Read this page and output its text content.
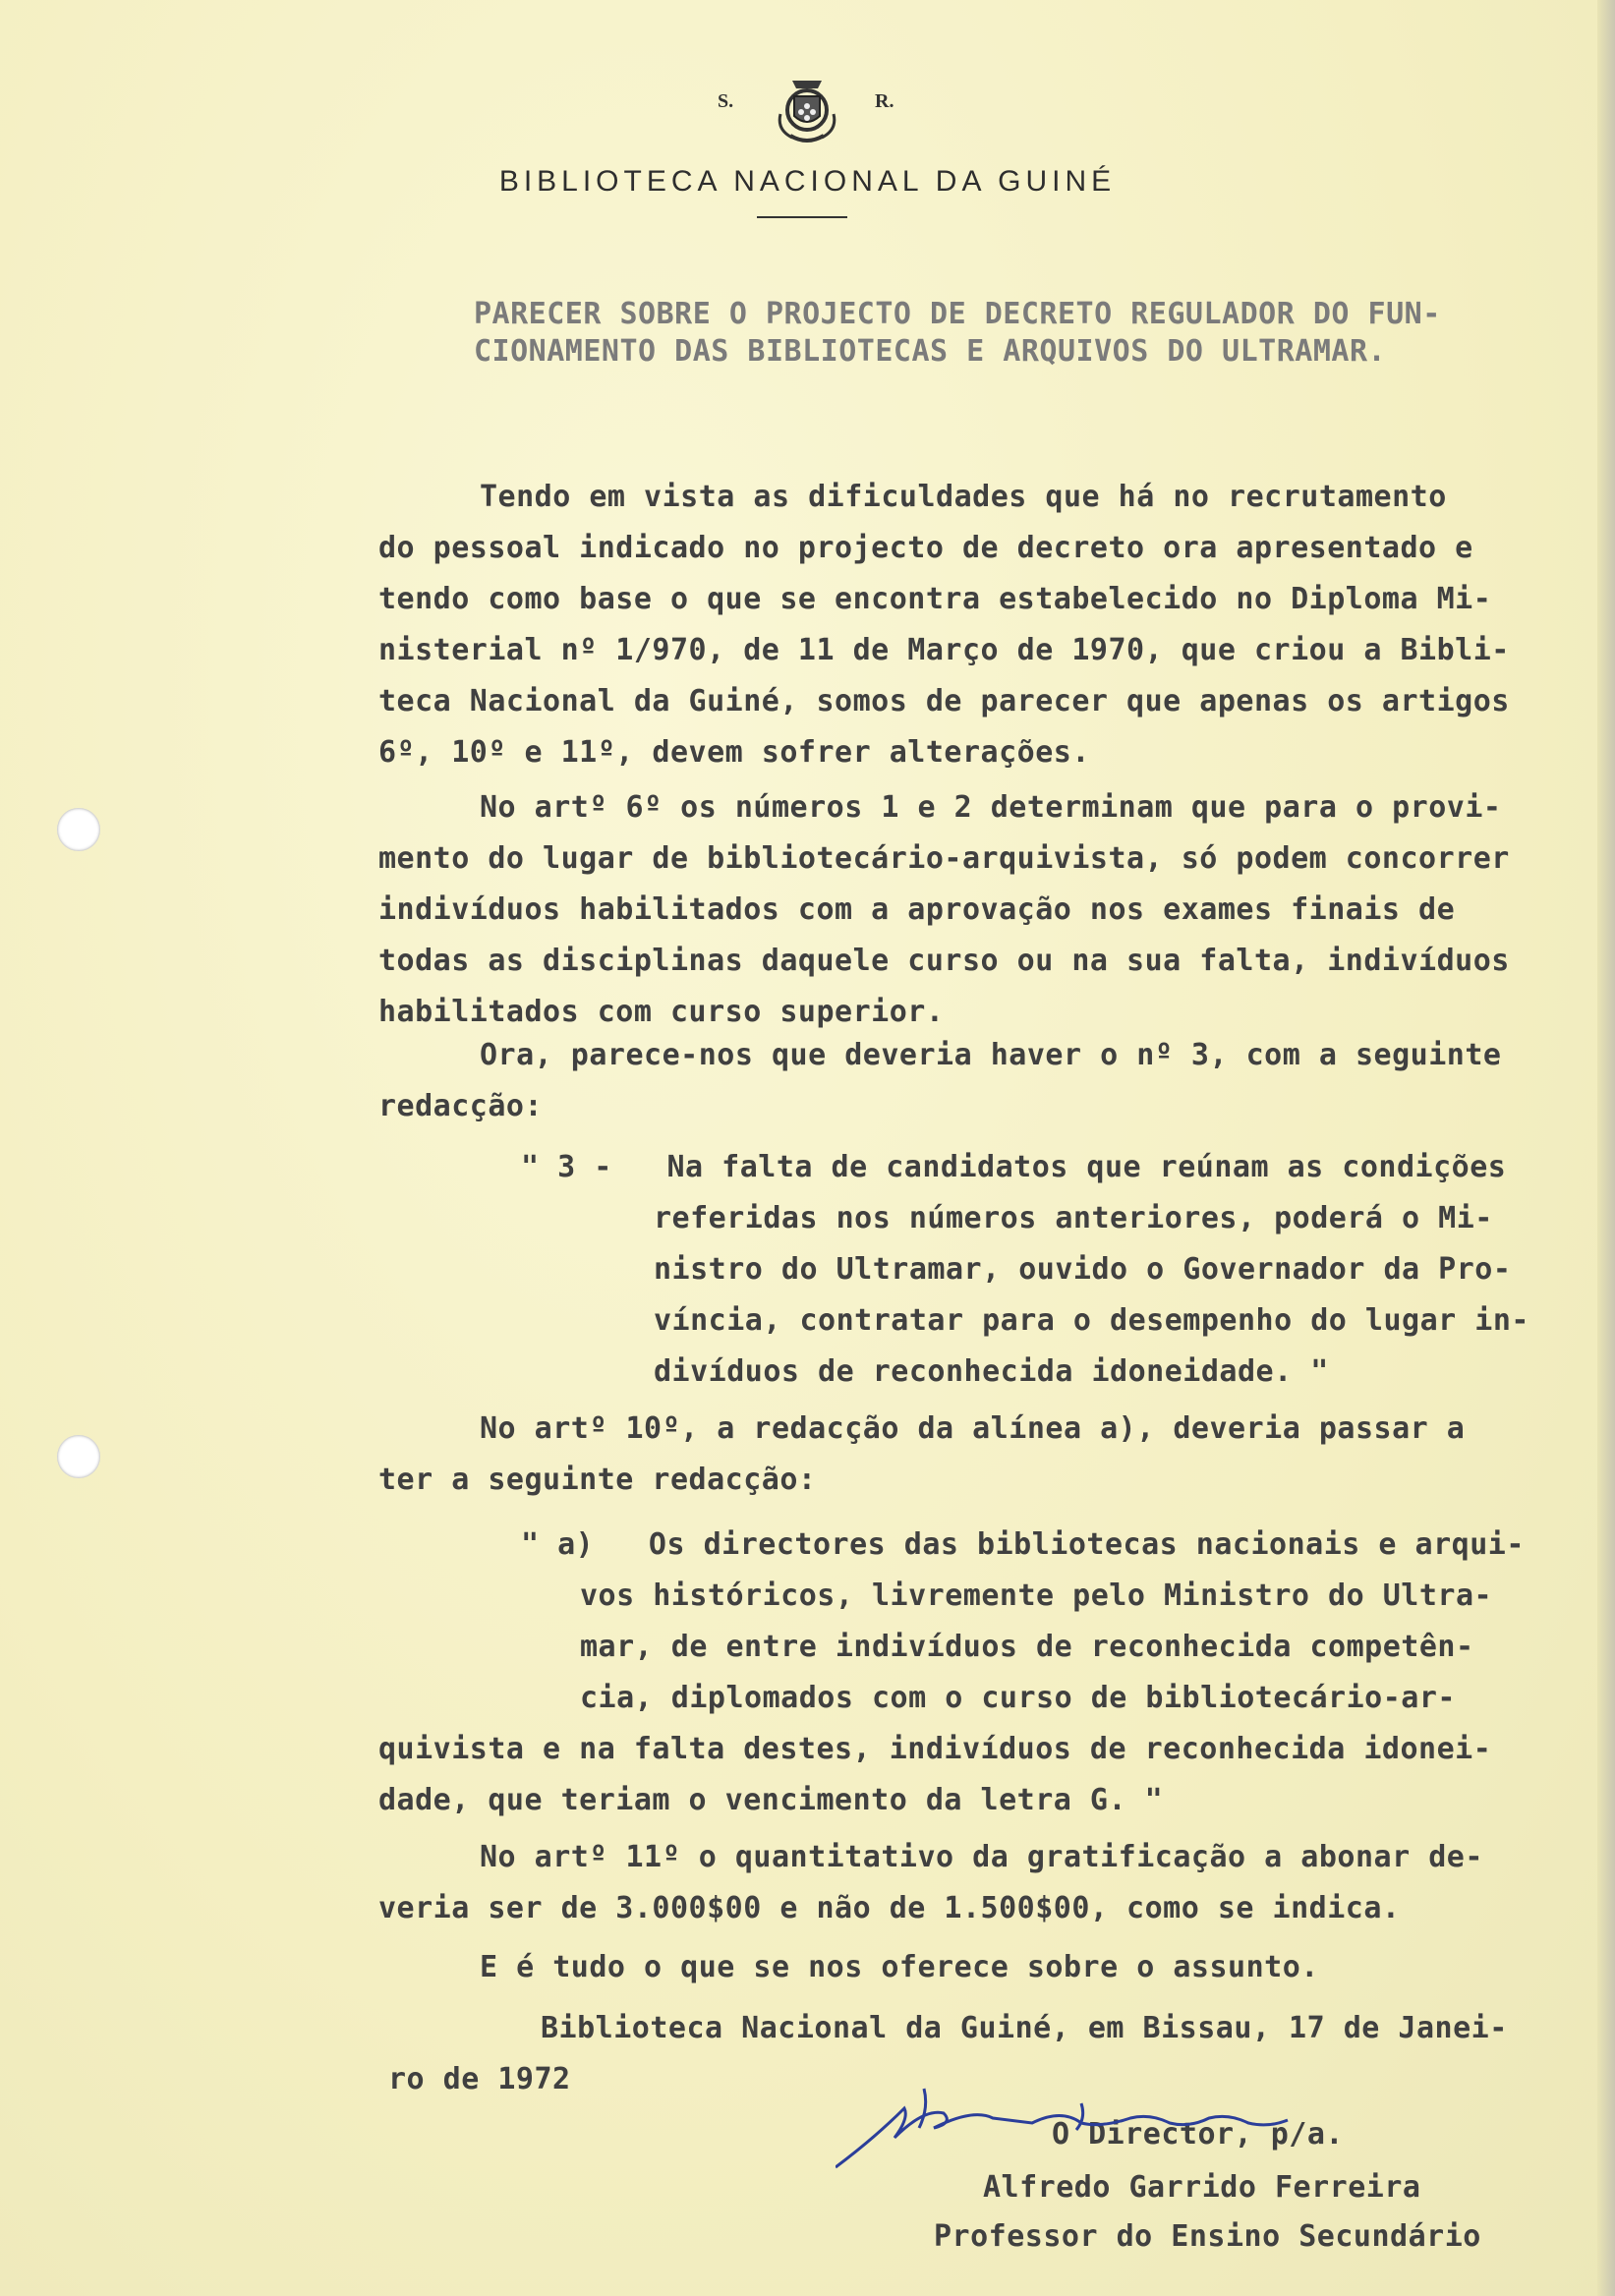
S.	R.
BIBLIOTECA NACIONAL DA GUINÉ
PARECER SOBRE O PROJECTO DE DECRETO REGULADOR DO FUN-
CIONAMENTO DAS BIBLIOTECAS E ARQUIVOS DO ULTRAMAR.
Tendo em vista as dificuldades que há no recrutamento
do pessoal indicado no projecto de decreto ora apresentado e
tendo como base o que se encontra estabelecido no Diploma Mi-
nisterial nº 1/970, de 11 de Março de 1970, que criou a Bibli-
teca Nacional da Guiné, somos de parecer que apenas os artigos
6º, 10º e 11º, devem sofrer alterações.
No artº 6º os números 1 e 2 determinam que para o provi-
mento do lugar de bibliotecário-arquivista, só podem concorrer
indivíduos habilitados com a aprovação nos exames finais de
todas as disciplinas daquele curso ou na sua falta, indivíduos
habilitados com curso superior.
Ora, parece-nos que deveria haver o nº 3, com a seguinte
redacção:
" 3 -   Na falta de candidatos que reúnam as condições
referidas nos números anteriores, poderá o Mi-
nistro do Ultramar, ouvido o Governador da Pro-
víncia, contratar para o desempenho do lugar in-
divíduos de reconhecida idoneidade. "
No artº 10º, a redacção da alínea a), deveria passar a
ter a seguinte redacção:
" a)   Os directores das bibliotecas nacionais e arqui-
vos históricos, livremente pelo Ministro do Ultra-
mar, de entre indivíduos de reconhecida competên-
cia, diplomados com o curso de bibliotecário-ar-
quivista e na falta destes, indivíduos de reconhecida idonei-
dade, que teriam o vencimento da letra G. "
No artº 11º o quantitativo da gratificação a abonar de-
veria ser de 3.000$00 e não de 1.500$00, como se indica.
E é tudo o que se nos oferece sobre o assunto.
Biblioteca Nacional da Guiné, em Bissau, 17 de Janei-
ro de 1972
O Director, p/a.
Alfredo Garrido Ferreira
Professor do Ensino Secundário
